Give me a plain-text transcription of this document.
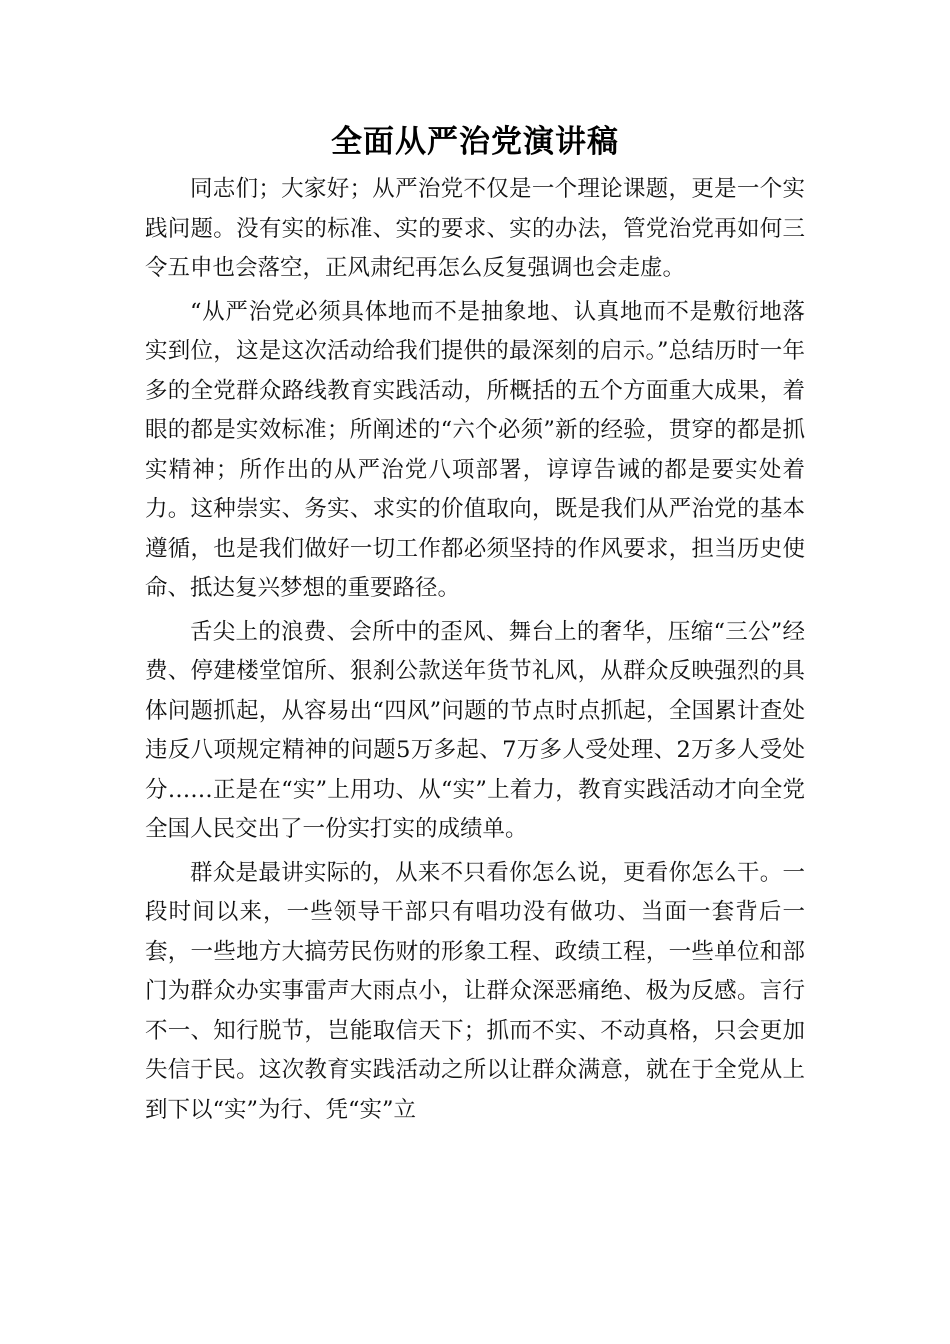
全面从严治党演讲稿

同志们；大家好；从严治党不仅是一个理论课题，更是一个实践问题。没有实的标准、实的要求、实的办法，管党治党再如何三令五申也会落空，正风肃纪再怎么反复强调也会走虚。

“从严治党必须具体地而不是抽象地、认真地而不是敷衍地落实到位，这是这次活动给我们提供的最深刻的启示。”总结历时一年多的全党群众路线教育实践活动，所概括的五个方面重大成果，着眼的都是实效标准；所阐述的“六个必须”新的经验，贯穿的都是抓实精神；所作出的从严治党八项部署，谆谆告诫的都是要实处着力。这种崇实、务实、求实的价值取向，既是我们从严治党的基本遵循，也是我们做好一切工作都必须坚持的作风要求，担当历史使命、抵达复兴梦想的重要路径。

舌尖上的浪费、会所中的歪风、舞台上的奢华，压缩“三公”经费、停建楼堂馆所、狠刹公款送年货节礼风，从群众反映强烈的具体问题抓起，从容易出“四风”问题的节点时点抓起，全国累计查处违反八项规定精神的问题5万多起、7万多人受处理、2万多人受处分……正是在“实”上用功、从“实”上着力，教育实践活动才向全党全国人民交出了一份实打实的成绩单。

群众是最讲实际的，从来不只看你怎么说，更看你怎么干。一段时间以来，一些领导干部只有唱功没有做功、当面一套背后一套，一些地方大搞劳民伤财的形象工程、政绩工程，一些单位和部门为群众办实事雷声大雨点小，让群众深恶痛绝、极为反感。言行不一、知行脱节，岂能取信天下；抓而不实、不动真格，只会更加失信于民。这次教育实践活动之所以让群众满意，就在于全党从上到下以“实”为行、凭“实”立
